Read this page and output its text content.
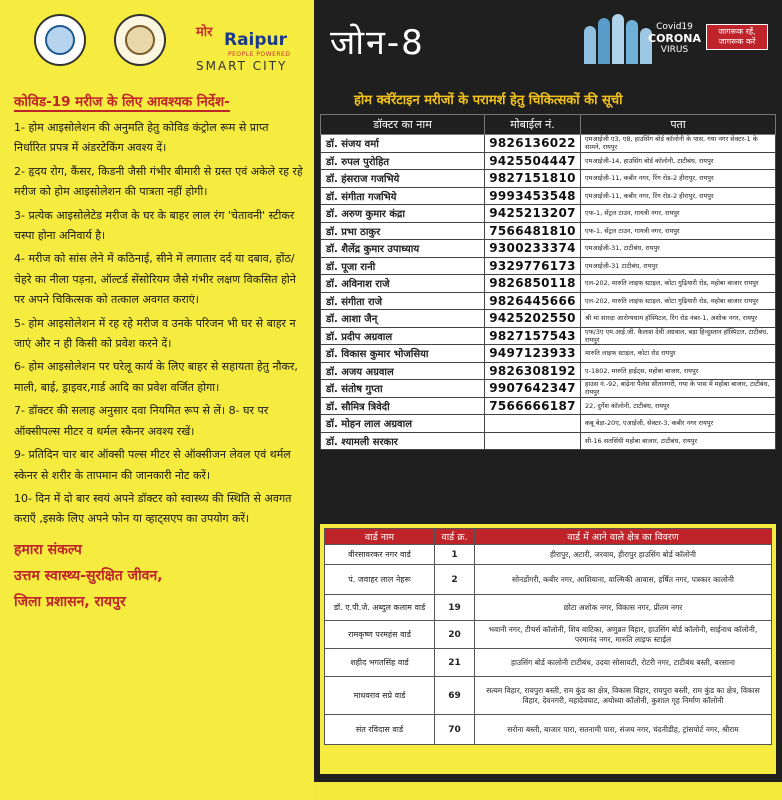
मोर Raipur
PEOPLE POWERED
SMART CITY
कोविड-19 मरीज के लिए आवश्यक निर्देश-

1- होम आइसोलेशन की अनुमति हेतु कोविड कंट्रोल रूम से प्राप्त निर्धारित प्रपत्र में अंडरटेकिंग अवश्य दें।

2- हृदय रोग, कैंसर, किडनी जैसी गंभीर बीमारी से ग्रस्त एवं अकेले रह रहे मरीज को होम आइसोलेशन की पात्रता नहीं होगी।

3- प्रत्येक आइसोलेटेड मरीज के घर के बाहर लाल रंग 'चेतावनी' स्टीकर चस्पा होना अनिवार्य है।

4- मरीज को सांस लेने में कठिनाई, सीने में लगातार दर्द या दबाव, होंठ/चेहरे का नीला पड़ना, ऑल्टर्ड सेंसोरियम जैसे गंभीर लक्षण विकसित होने पर अपने चिकित्सक को तत्काल अवगत कराएं।

5- होम आइसोलेशन में रह रहे मरीज व उनके परिजन भी घर से बाहर न जाएं और न ही किसी को प्रवेश करने दें।

6- होम आइसोलेशन पर घरेलू कार्य के लिए बाहर से सहायता हेतु नौकर, माली, बाई, ड्राइवर,गार्ड आदि का प्रवेश वर्जित होगा।

7- डॉक्टर की सलाह अनुसार दवा नियमित रूप से लें। 8- घर पर ऑक्सीपल्स मीटर व थर्मल स्कैनर अवश्य रखें।

9- प्रतिदिन चार बार ऑक्सी पल्स मीटर से ऑक्सीजन लेवल एवं थर्मल स्केनर से शरीर के तापमान की जानकारी नोट करें।

10- दिन में दो बार स्वयं अपने डॉक्टर को स्वास्थ्य की स्थिति से अवगत कराएँ ,इसके लिए अपने फोन या व्हाट्सएप का उपयोग करें।

हमारा संकल्प
उत्तम स्वास्थ्य-सुरक्षित जीवन,
जिला प्रशासन, रायपुर
जोन-8	Covid19
CORONA
VIRUS
जागरूक रहें, जागरूक करें
होम क्वॅरेंटाइन मरीजों के परामर्श हेतु चिकित्सकों की सूची
डॉक्टर का नाम	मोबाईल नं.	पता
डॉ. संजय वर्मा	9826136022	एमआईजी ए3, ए8, हाउसिंग बोर्ड कॉलोनी के पास, गया नगर सेक्टर-1 के सामने, रायपुर
डॉ. रुपल पुरोहित	9425504447	एमआईजी-14, हाउसिंग बोर्ड कॉलोनी, टाटीबंध, रायपुर
डॉ. हंसराज गजभिये	9827151810	एमआईजी-11, कबीर नगर, रिंग रोड-2 हीरापुर, रायपुर
डॉ. संगीता गजभिये	9993453548	एमआईजी-11, कबीर नगर, रिंग रोड-2 हीरापुर, रायपुर
डॉ. अरुण कुमार कंद्रा	9425213207	एफ-1, सेंट्रल टाउन, गायत्री नगर, रायपुर
डॉ. प्रभा ठाकुर	7566481810	एफ-1, सेंट्रल टाउन, गायत्री नगर, रायपुर
डॉ. शैलेंद्र कुमार उपाध्याय	9300233374	एमआईजी-31, टाटीबंध, रायपुर
डॉ. पूजा रानी	9329776173	एमआईजी-31 टाटीबंध, रायपुर
डॉ. अविनाश राजे	9826850118	एल-202, मारुति लाइफ स्टाइल, कोटा गुढ़ियारी रोड, महोबा बाजार रायपुर
डॉ. संगीता राजे	9826445666	एल-202, मारुति लाइफ स्टाइल, कोटा गुढ़ियारी रोड, महोबा बाजार रायपुर
डॉ. आशा जैन्	9425202550	श्री मां सारदा आरोग्यधाम हॉस्पिटल, रिंग रोड नंबर-1, अशोक नगर, रायपुर
डॉ. प्रदीप अग्रवाल	9827157543	एफ/3ए एम.आई.जी. कैलाश देवी अग्रवाल, बड़ा हिन्दुस्तान हॉस्पिटल, टाटीबंध, रायपुर
डॉ. विकास कुमार भोजसिया	9497123933	मारुति लाइफ स्टाइल, कोटा रोड रायपुर
डॉ. अजय अग्रवाल	9826308192	ए-1802, मारुति हाईट्स, महोबा बाजार, रायपुर
डॉ. संतोष गुप्ता	9907642347	हाउस नं.-92, बाढ़ेना पैलेस सीतानगरी, गया के पास में महोबा बाजार, टाटीबंध, रायपुर
डॉ. सौमित्र त्रिवेदी	7566666187	22, दुर्गेश कॉलोनी, टाटीबंध, रायपुर
डॉ. मोहन लाल अग्रवाल		कबू बेड़ा-20ए, एआईजी, सेक्टर-3, कबीर नगर रायपुर
डॉ. श्यामली सरकार		सी-16 सतसिंधी महोबा बाजार, टाटीबंध, रायपुर
वार्ड नाम	वार्ड क्र.	वार्ड में आने वाले क्षेत्र का विवरण
वीरसावरकर नगर वार्ड	1	हीरापुर, अटारी, जरवाय, हीरापुर हाउसिंग बोर्ड कॉलोनी
पं. जवाहर लाल नेहरू	2	सोनडोंगरी, कबीर नगर, आशियाना, वाल्मिकी आवास, हर्षित नगर, पत्रकार कालोनी
डॉ. ए.पी.जे. अब्दुल कलाम वार्ड	19	छोटा अशोक नगर, विकास नगर, प्रीतम नगर
रामकृष्ण परमहंस वार्ड	20	भवानी नगर, टीचर्स कॉलोनी, शिव वाटिका, अणुव्रत विहार, हाउसिंग बोर्ड कॉलोनी, साईनाथ कॉलोनी, परमानंद नगर, मारुति लाइफ स्टाईल
शहीद भगतसिंह वार्ड	21	हाउसिंग बोर्ड कालोनी टाटीबंध, उदया सोसायटी, रोटरी नगर, टाटीबंध बस्ती, बरसाना
माधवराव सप्रे वार्ड	69	सत्यम विहार, रायपुरा बस्ती, राम कुंड का क्षेत्र, विकास विहार, रायपुरा बस्ती, राम कुंड का क्षेत्र, विकास विहार, देवनगरी, महादेवघाट, अयोध्या कॉलोनी, कुशाल गृह निर्माण कॉलोनी
संत रविदास वार्ड	70	सरोना बस्ती, बाजार पारा, सतनामी पारा, संजय नगर, चंदनीडीह, ट्रांसपोर्ट नगर, श्रीराम
